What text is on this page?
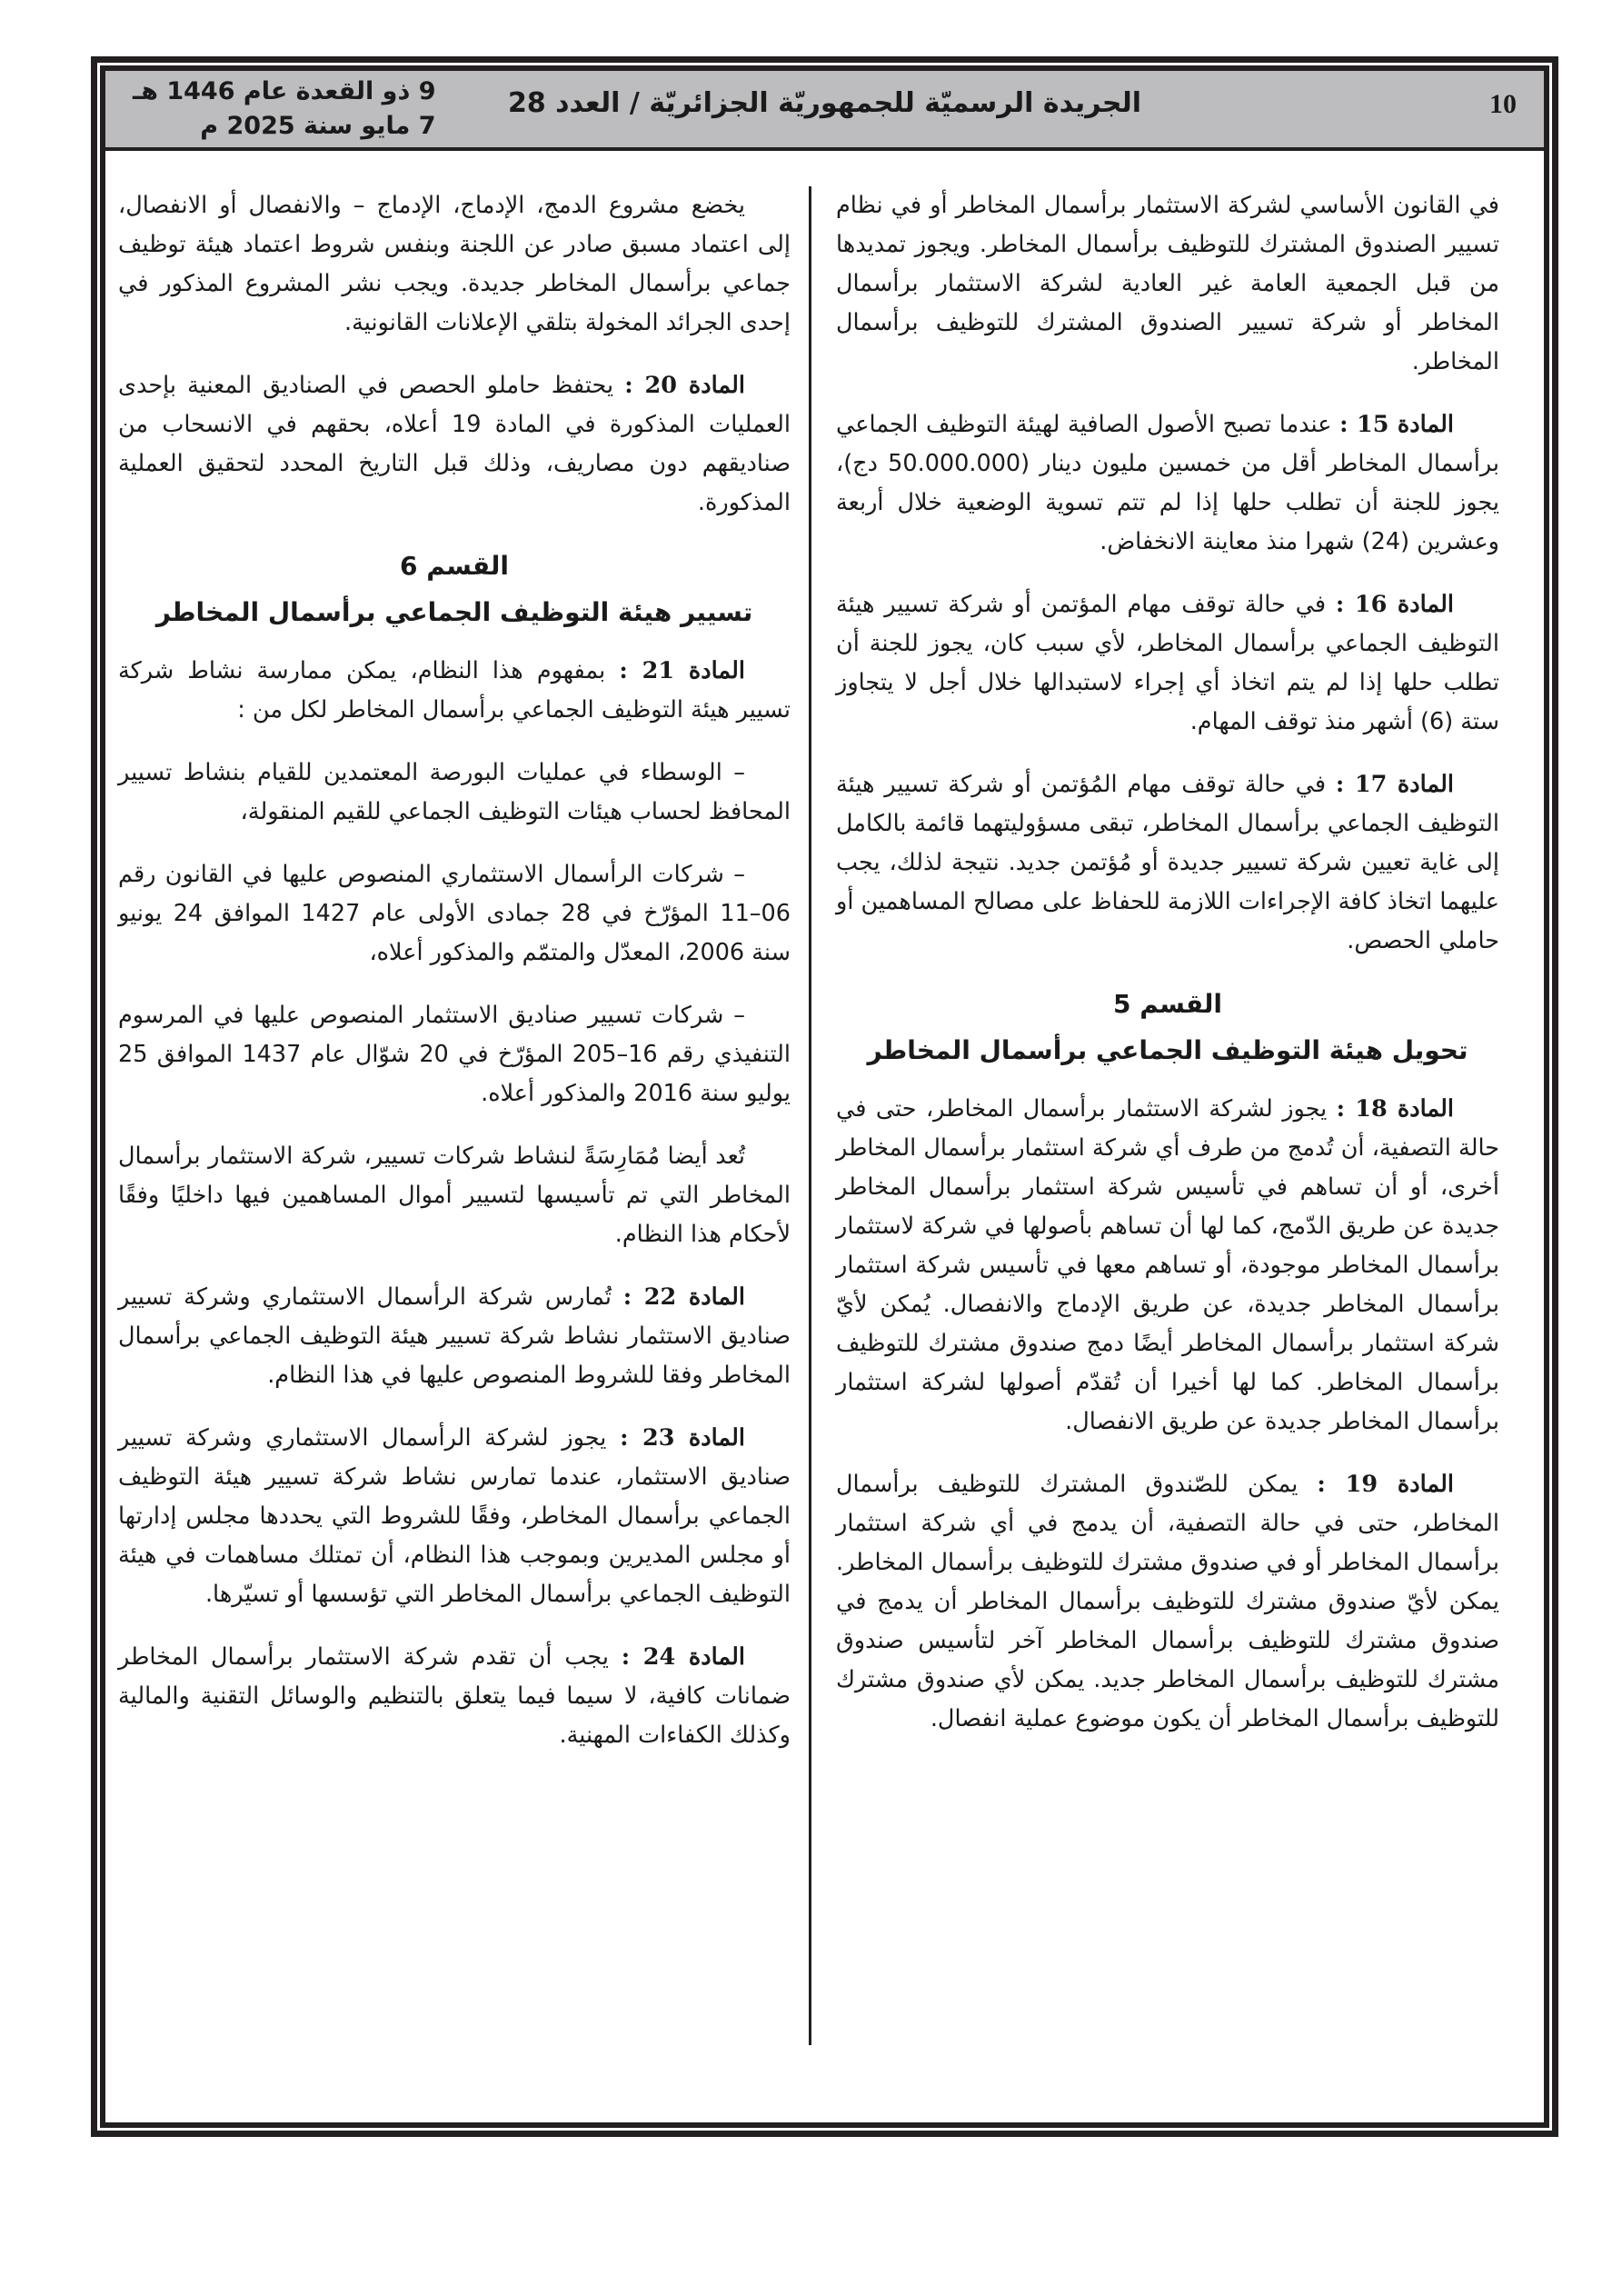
10
الجريدة الرسميّة للجمهوريّة الجزائريّة / العدد 28
9 ذو القعدة عام 1446 هـ
7 مايو سنة 2025 م

في القانون الأساسي لشركة الاستثمار برأسمال المخاطر أو في نظام تسيير الصندوق المشترك للتوظيف برأسمال المخاطر. ويجوز تمديدها من قبل الجمعية العامة غير العادية لشركة الاستثمار برأسمال المخاطر أو شركة تسيير الصندوق المشترك للتوظيف برأسمال المخاطر.

المادة 15 : عندما تصبح الأصول الصافية لهيئة التوظيف الجماعي برأسمال المخاطر أقل من خمسين مليون دينار (50.000.000 دج)، يجوز للجنة أن تطلب حلها إذا لم تتم تسوية الوضعية خلال أربعة وعشرين (24) شهرا منذ معاينة الانخفاض.

المادة 16 : في حالة توقف مهام المؤتمن أو شركة تسيير هيئة التوظيف الجماعي برأسمال المخاطر، لأي سبب كان، يجوز للجنة أن تطلب حلها إذا لم يتم اتخاذ أي إجراء لاستبدالها خلال أجل لا يتجاوز ستة (6) أشهر منذ توقف المهام.

المادة 17 : في حالة توقف مهام المُؤتمن أو شركة تسيير هيئة التوظيف الجماعي برأسمال المخاطر، تبقى مسؤوليتهما قائمة بالكامل إلى غاية تعيين شركة تسيير جديدة أو مُؤتمن جديد. نتيجة لذلك، يجب عليهما اتخاذ كافة الإجراءات اللازمة للحفاظ على مصالح المساهمين أو حاملي الحصص.

القسم 5
تحويل هيئة التوظيف الجماعي برأسمال المخاطر

المادة 18 : يجوز لشركة الاستثمار برأسمال المخاطر، حتى في حالة التصفية، أن تُدمج من طرف أي شركة استثمار برأسمال المخاطر أخرى، أو أن تساهم في تأسيس شركة استثمار برأسمال المخاطر جديدة عن طريق الدّمج، كما لها أن تساهم بأصولها في شركة لاستثمار برأسمال المخاطر موجودة، أو تساهم معها في تأسيس شركة استثمار برأسمال المخاطر جديدة، عن طريق الإدماج والانفصال. يُمكن لأيّ شركة استثمار برأسمال المخاطر أيضًا دمج صندوق مشترك للتوظيف برأسمال المخاطر. كما لها أخيرا أن تُقدّم أصولها لشركة استثمار برأسمال المخاطر جديدة عن طريق الانفصال.

المادة 19 : يمكن للصّندوق المشترك للتوظيف برأسمال المخاطر، حتى في حالة التصفية، أن يدمج في أي شركة استثمار برأسمال المخاطر أو في صندوق مشترك للتوظيف برأسمال المخاطر. يمكن لأيّ صندوق مشترك للتوظيف برأسمال المخاطر أن يدمج في صندوق مشترك للتوظيف برأسمال المخاطر آخر لتأسيس صندوق مشترك للتوظيف برأسمال المخاطر جديد. يمكن لأي صندوق مشترك للتوظيف برأسمال المخاطر أن يكون موضوع عملية انفصال.

يخضع مشروع الدمج، الإدماج، الإدماج – والانفصال أو الانفصال، إلى اعتماد مسبق صادر عن اللجنة وبنفس شروط اعتماد هيئة توظيف جماعي برأسمال المخاطر جديدة. ويجب نشر المشروع المذكور في إحدى الجرائد المخولة بتلقي الإعلانات القانونية.

المادة 20 : يحتفظ حاملو الحصص في الصناديق المعنية بإحدى العمليات المذكورة في المادة 19 أعلاه، بحقهم في الانسحاب من صناديقهم دون مصاريف، وذلك قبل التاريخ المحدد لتحقيق العملية المذكورة.

القسم 6
تسيير هيئة التوظيف الجماعي برأسمال المخاطر

المادة 21 : بمفهوم هذا النظام، يمكن ممارسة نشاط شركة تسيير هيئة التوظيف الجماعي برأسمال المخاطر لكل من :

– الوسطاء في عمليات البورصة المعتمدين للقيام بنشاط تسيير المحافظ لحساب هيئات التوظيف الجماعي للقيم المنقولة،

– شركات الرأسمال الاستثماري المنصوص عليها في القانون رقم 06–11 المؤرّخ في 28 جمادى الأولى عام 1427 الموافق 24 يونيو سنة 2006، المعدّل والمتمّم والمذكور أعلاه،

– شركات تسيير صناديق الاستثمار المنصوص عليها في المرسوم التنفيذي رقم 16–205 المؤرّخ في 20 شوّال عام 1437 الموافق 25 يوليو سنة 2016 والمذكور أعلاه.

تُعد أيضا مُمَارِسَةً لنشاط شركات تسيير، شركة الاستثمار برأسمال المخاطر التي تم تأسيسها لتسيير أموال المساهمين فيها داخليًا وفقًا لأحكام هذا النظام.

المادة 22 : تُمارس شركة الرأسمال الاستثماري وشركة تسيير صناديق الاستثمار نشاط شركة تسيير هيئة التوظيف الجماعي برأسمال المخاطر وفقا للشروط المنصوص عليها في هذا النظام.

المادة 23 : يجوز لشركة الرأسمال الاستثماري وشركة تسيير صناديق الاستثمار، عندما تمارس نشاط شركة تسيير هيئة التوظيف الجماعي برأسمال المخاطر، وفقًا للشروط التي يحددها مجلس إدارتها أو مجلس المديرين وبموجب هذا النظام، أن تمتلك مساهمات في هيئة التوظيف الجماعي برأسمال المخاطر التي تؤسسها أو تسيّرها.

المادة 24 : يجب أن تقدم شركة الاستثمار برأسمال المخاطر ضمانات كافية، لا سيما فيما يتعلق بالتنظيم والوسائل التقنية والمالية وكذلك الكفاءات المهنية.
